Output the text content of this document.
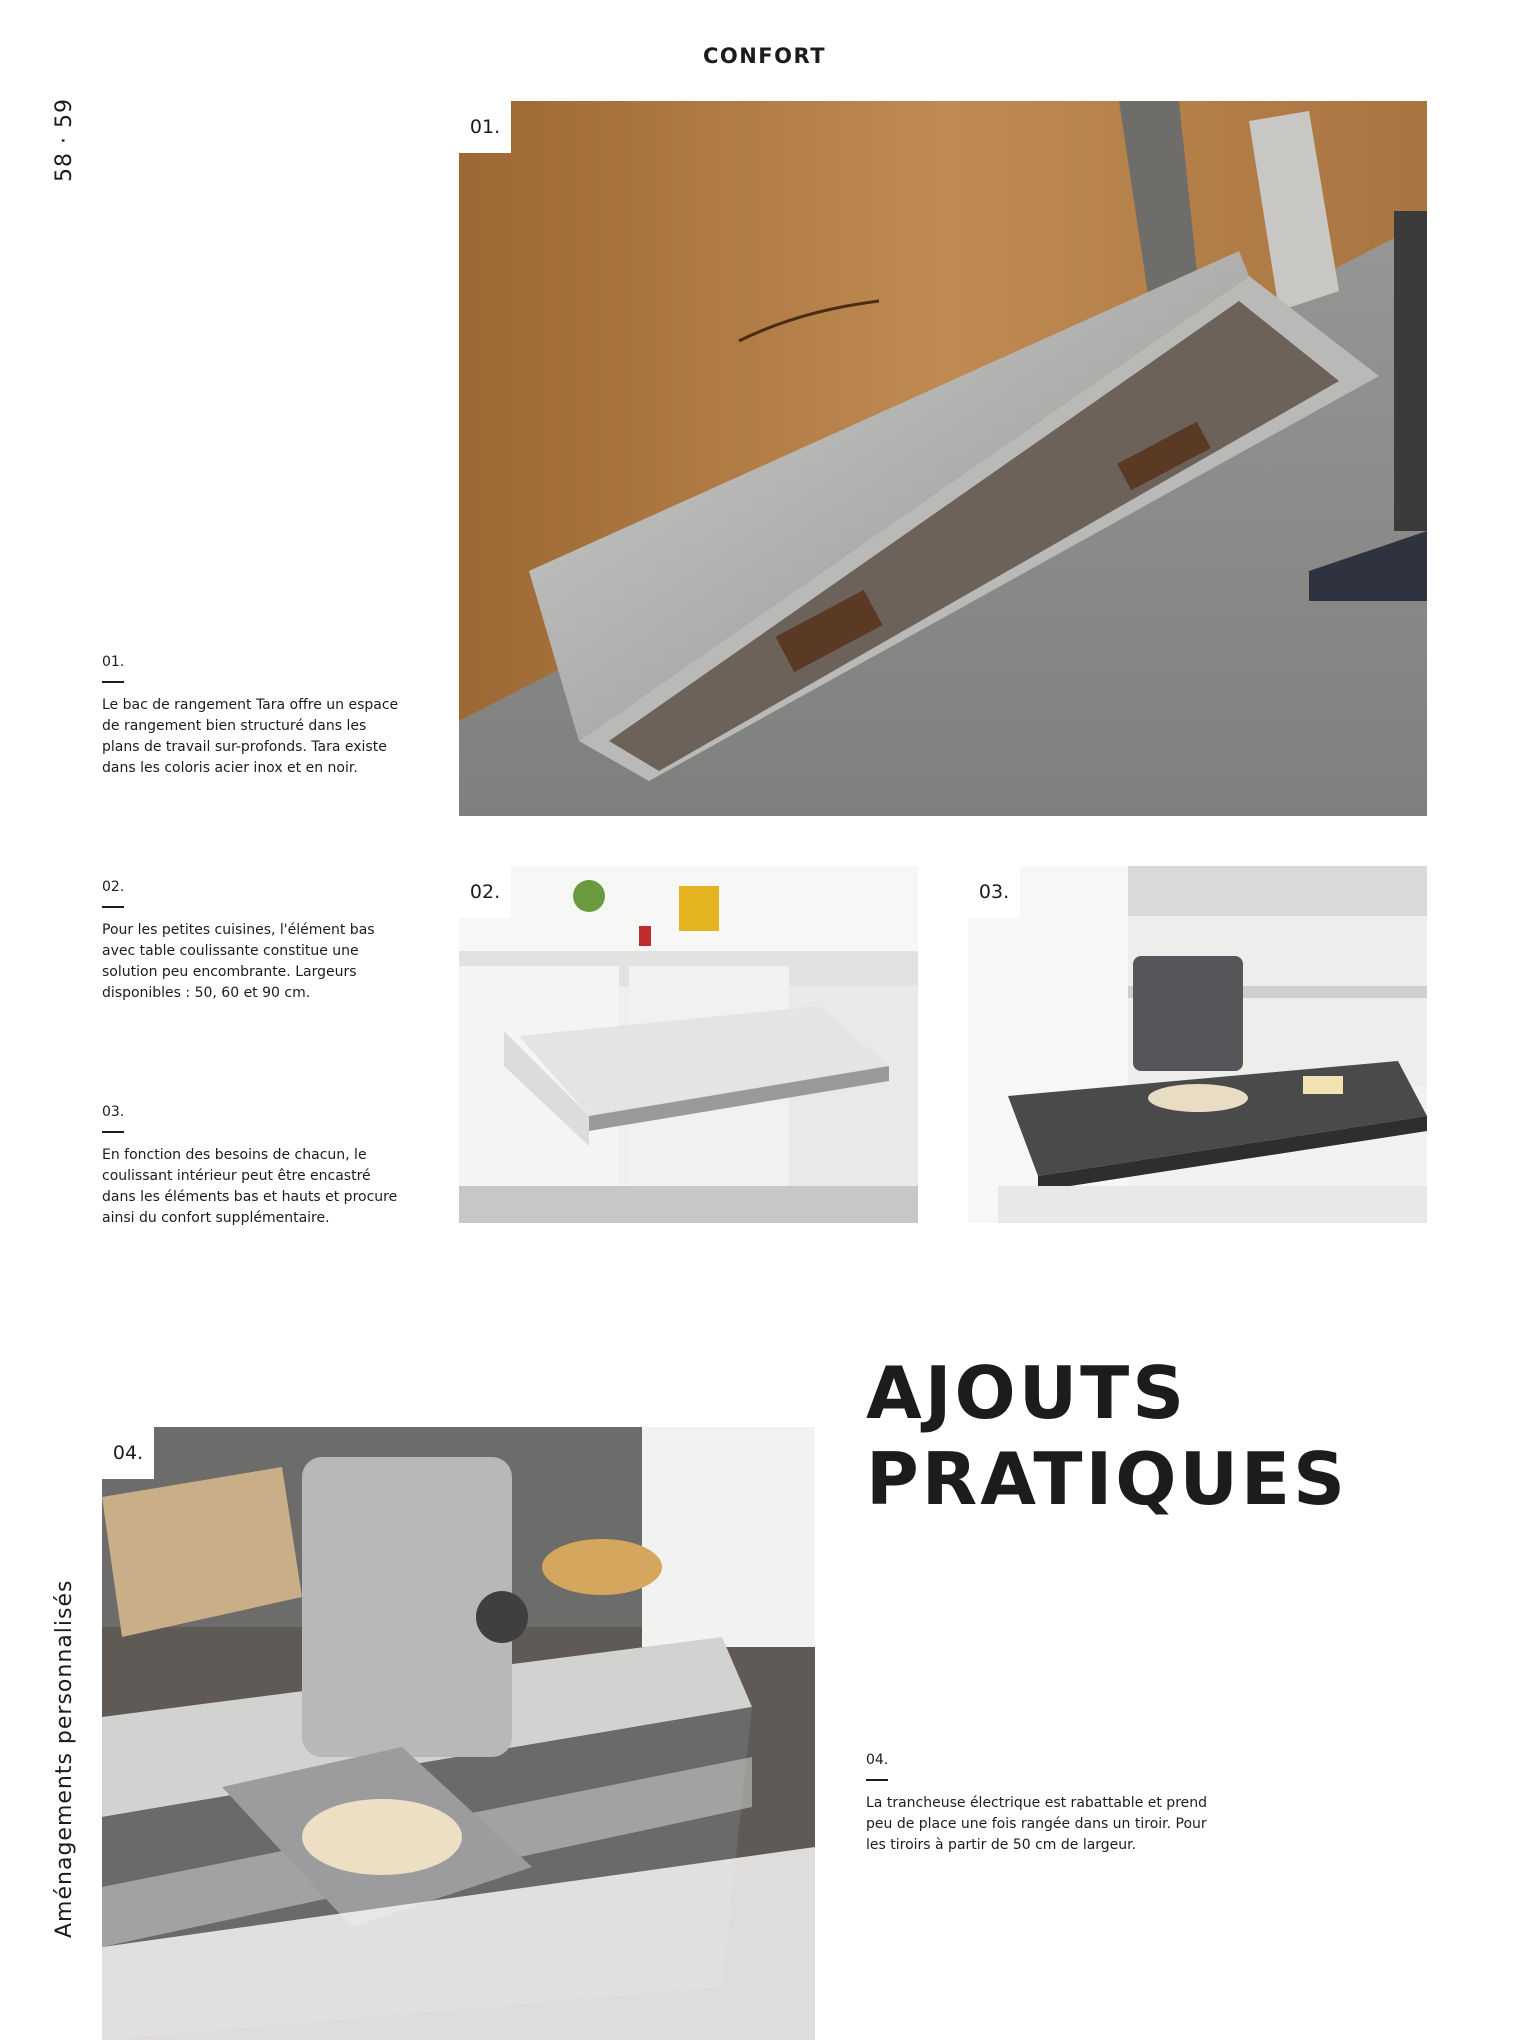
CONFORT
58 · 59
Aménagements personnalisés
01.
Le bac de rangement Tara offre un espace de rangement bien structuré dans les plans de travail sur-profonds. Tara existe dans les coloris acier inox et en noir.
02.
Pour les petites cuisines, l'élément bas avec table coulissante constitue une solution peu encombrante. Largeurs disponibles : 50, 60 et 90 cm.
03.
En fonction des besoins de chacun, le coulissant intérieur peut être encastré dans les éléments bas et hauts et procure ainsi du confort supplémentaire.
04.
La trancheuse électrique est rabattable et prend peu de place une fois rangée dans un tiroir. Pour les tiroirs à partir de 50 cm de largeur.
AJOUTS
PRATIQUES
01.
02.	03.
04.
